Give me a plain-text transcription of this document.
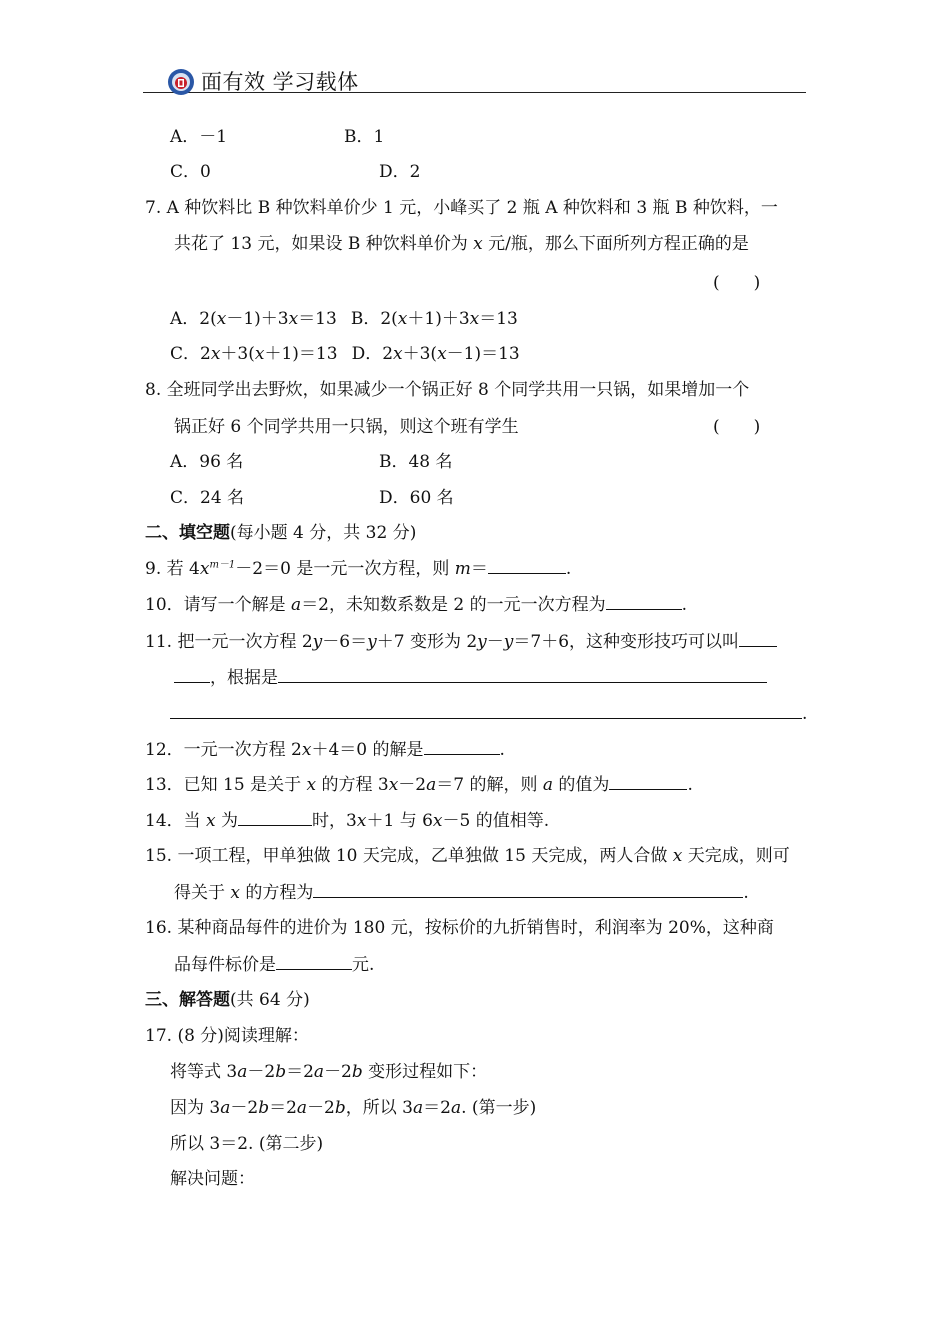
面有效 学习载体
A．－1	B．1
C．0	D．2
7. A 种饮料比 B 种饮料单价少 1 元，小峰买了 2 瓶 A 种饮料和 3 瓶 B 种饮料，一
共花了 13 元，如果设 B 种饮料单价为 x 元/瓶，那么下面所列方程正确的是
(　　)
A．2(x－1)＋3x＝13 B．2(x＋1)＋3x＝13
C．2x＋3(x＋1)＝13 D．2x＋3(x－1)＝13
8. 全班同学出去野炊，如果减少一个锅正好 8 个同学共用一只锅，如果增加一个
锅正好 6 个同学共用一只锅，则这个班有学生	(　　)
A．96 名	B．48 名
C．24 名	D．60 名
二、填空题(每小题 4 分，共 32 分)
9. 若 $4x^{m-1}-2=0$ 是一元一次方程，则 m＝	.
10．请写一个解是 a＝2，未知数系数是 2 的一元一次方程为	.
11. 把一元一次方程 2y－6＝y＋7 变形为 2y－y＝7＋6，这种变形技巧可以叫
，根据是
.
12．一元一次方程 2x＋4＝0 的解是	.
13．已知 15 是关于 x 的方程 3x－2a＝7 的解，则 a 的值为	.
14．当 x 为	时，3x＋1 与 6x－5 的值相等.
15. 一项工程，甲单独做 10 天完成，乙单独做 15 天完成，两人合做 x 天完成，则可
得关于 x 的方程为	.
16. 某种商品每件的进价为 180 元，按标价的九折销售时，利润率为 20%，这种商
品每件标价是	元.
三、解答题(共 64 分)
17. (8 分)阅读理解：
将等式 3a－2b＝2a－2b 变形过程如下：
因为 3a－2b＝2a－2b，所以 3a＝2a. (第一步)
所以 3＝2. (第二步)
解决问题：
